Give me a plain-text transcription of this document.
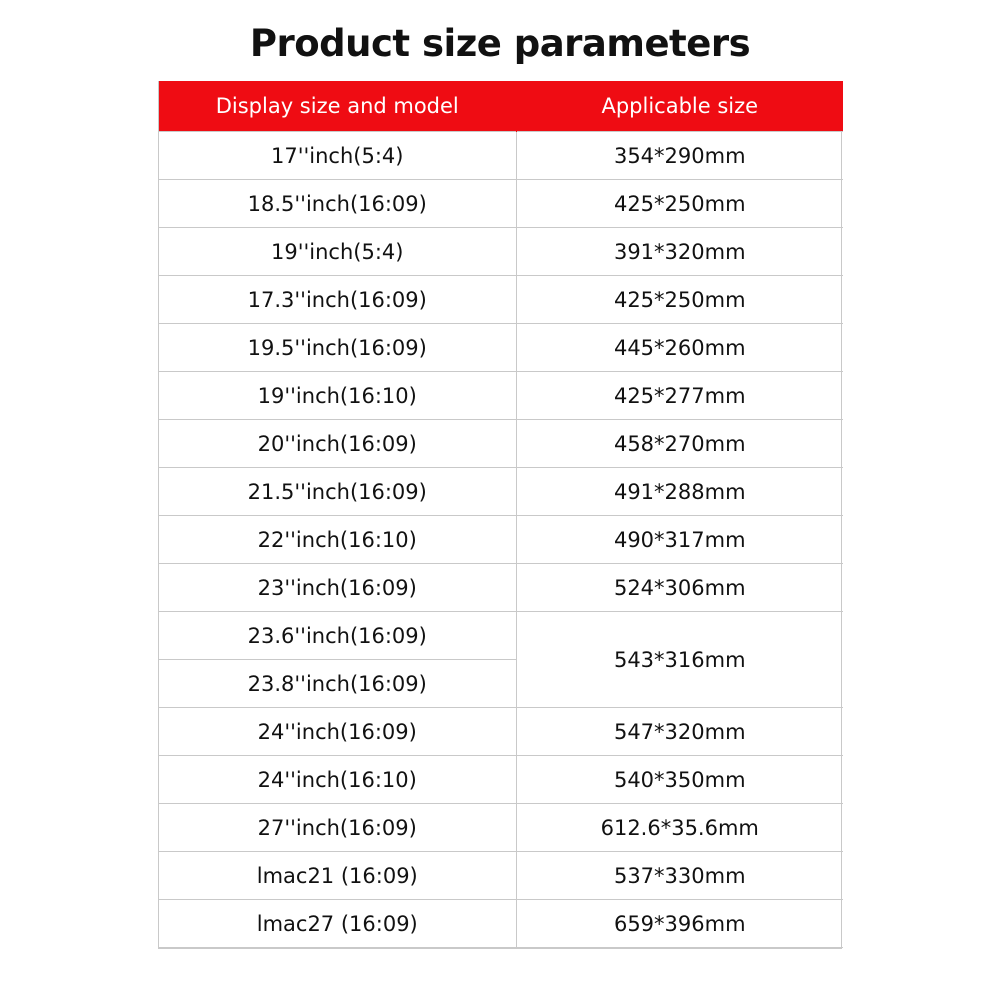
Product size parameters
Display size and model	Applicable size
17''inch(5:4)	354*290mm
18.5''inch(16:09)	425*250mm
19''inch(5:4)	391*320mm
17.3''inch(16:09)	425*250mm
19.5''inch(16:09)	445*260mm
19''inch(16:10)	425*277mm
20''inch(16:09)	458*270mm
21.5''inch(16:09)	491*288mm
22''inch(16:10)	490*317mm
23''inch(16:09)	524*306mm
23.6''inch(16:09)	543*316mm
23.8''inch(16:09)	
24''inch(16:09)	547*320mm
24''inch(16:10)	540*350mm
27''inch(16:09)	612.6*35.6mm
lmac21 (16:09)	537*330mm
lmac27 (16:09)	659*396mm
